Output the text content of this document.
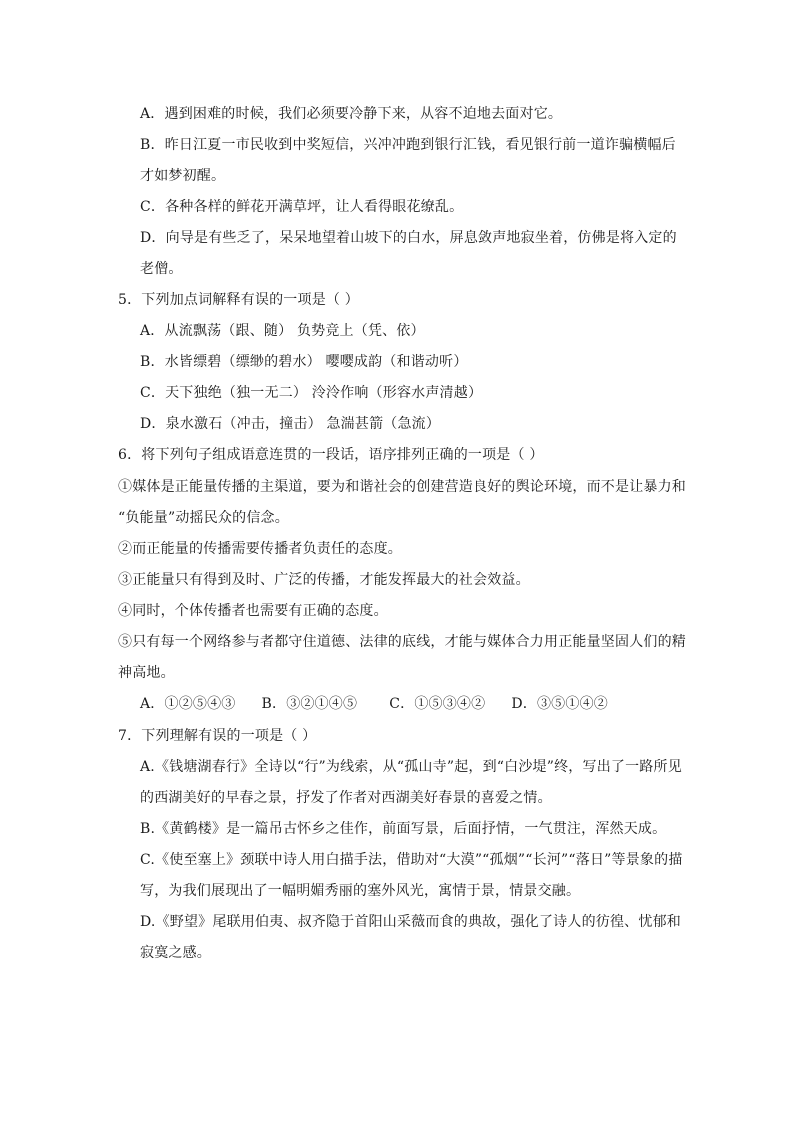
A．遇到困难的时候，我们必须要冷静下来，从容不迫地去面对它。
B．昨日江夏一市民收到中奖短信，兴冲冲跑到银行汇钱，看见银行前一道诈骗横幅后
才如梦初醒。
C．各种各样的鲜花开满草坪，让人看得眼花缭乱。
D．向导是有些乏了，呆呆地望着山坡下的白水，屏息敛声地寂坐着，仿佛是将入定的
老僧。
5．下列加点词解释有误的一项是（ ）
A．从流飘荡（跟、随） 负势竞上（凭、依）
B．水皆缥碧（缥缈的碧水） 嘤嘤成韵（和谐动听）
C．天下独绝（独一无二） 泠泠作响（形容水声清越）
D．泉水激石（冲击，撞击） 急湍甚箭（急流）
6．将下列句子组成语意连贯的一段话，语序排列正确的一项是（ ）
①媒体是正能量传播的主渠道，要为和谐社会的创建营造良好的舆论环境，而不是让暴力和
“负能量”动摇民众的信念。
②而正能量的传播需要传播者负责任的态度。
③正能量只有得到及时、广泛的传播，才能发挥最大的社会效益。
④同时，个体传播者也需要有正确的态度。
⑤只有每一个网络参与者都守住道德、法律的底线，才能与媒体合力用正能量坚固人们的精
神高地。
A．①②⑤④③ B．③②①④⑤ C．①⑤③④② D．③⑤①④②
7．下列理解有误的一项是（ ）
A.《钱塘湖春行》全诗以“行”为线索，从“孤山寺”起，到“白沙堤”终，写出了一路所见
的西湖美好的早春之景，抒发了作者对西湖美好春景的喜爱之情。
B.《黄鹤楼》是一篇吊古怀乡之佳作，前面写景，后面抒情，一气贯注，浑然天成。
C.《使至塞上》颈联中诗人用白描手法，借助对“大漠”“孤烟”“长河”“落日”等景象的描
写，为我们展现出了一幅明媚秀丽的塞外风光，寓情于景，情景交融。
D.《野望》尾联用伯夷、叔齐隐于首阳山采薇而食的典故，强化了诗人的彷徨、忧郁和
寂寞之感。
